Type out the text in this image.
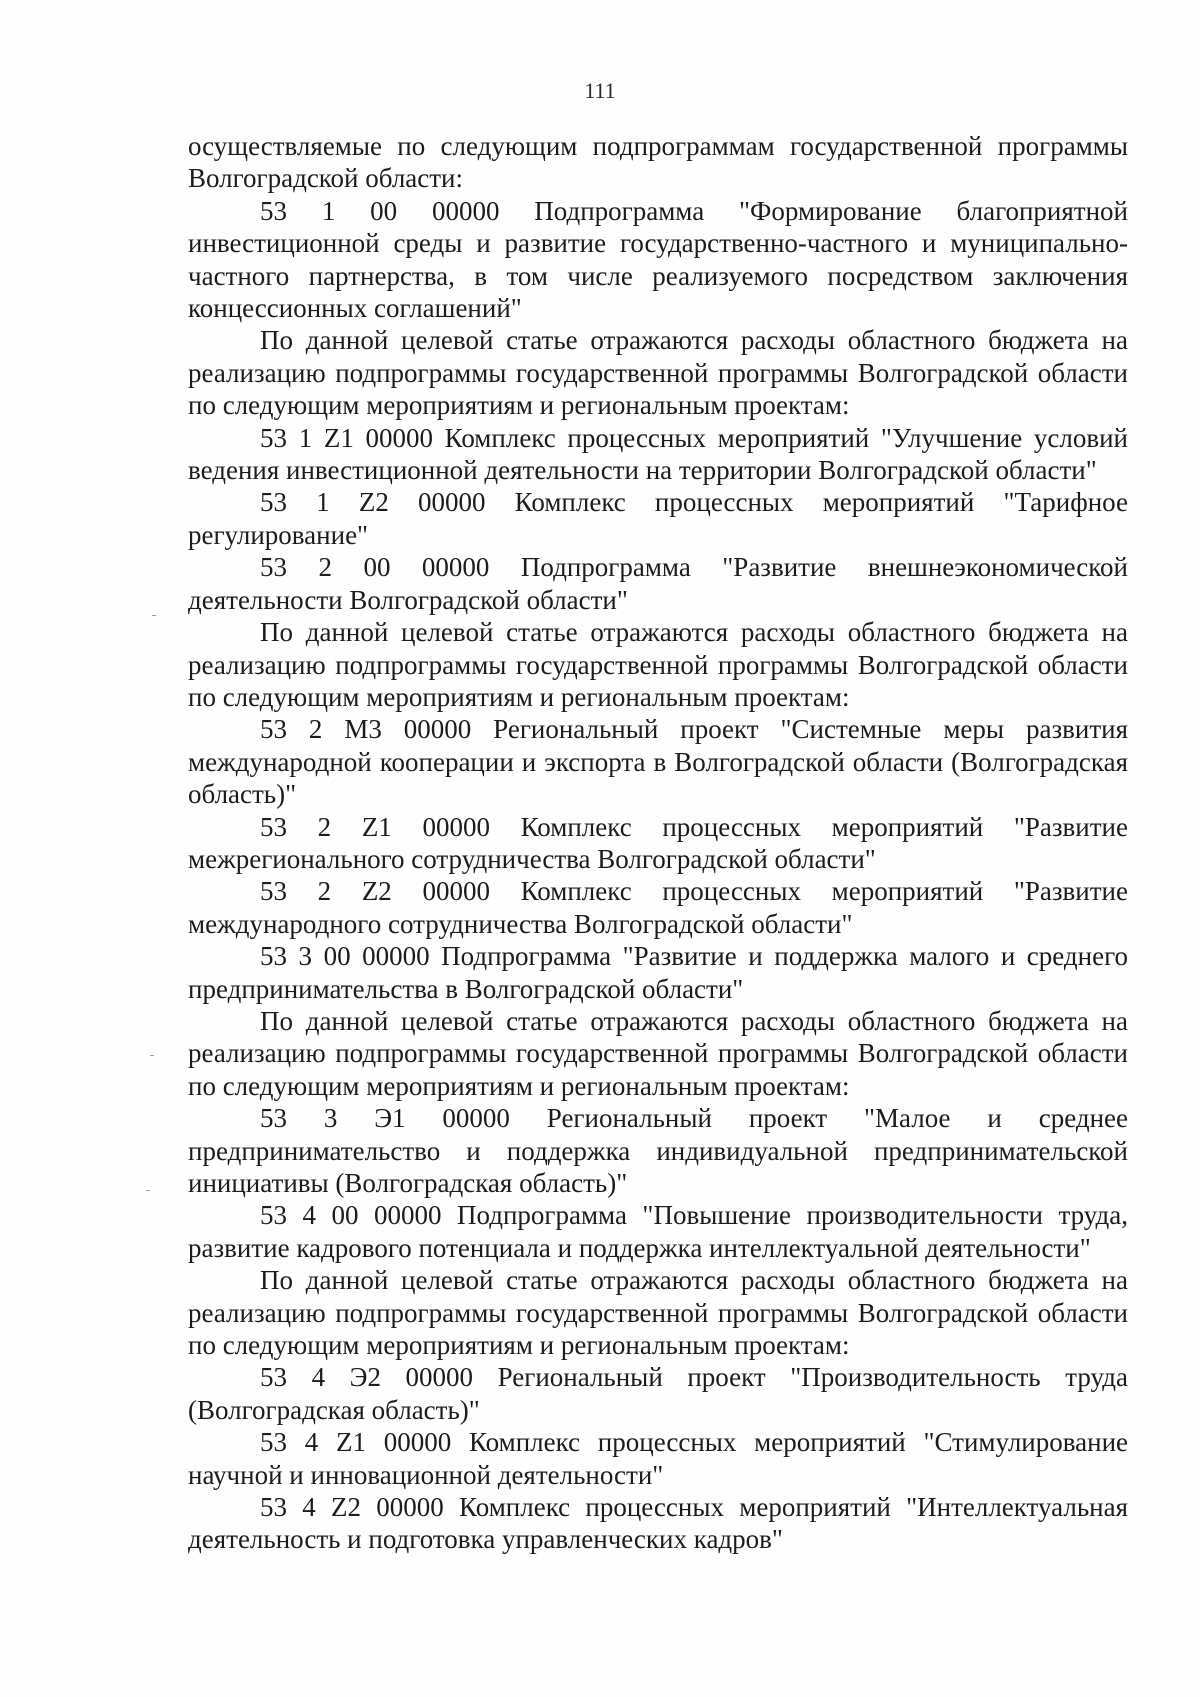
111

осуществляемые по следующим подпрограммам государственной программы Волгоградской области:

53 1 00 00000 Подпрограмма "Формирование благоприятной инвестиционной среды и развитие государственно-частного и муниципально-частного партнерства, в том числе реализуемого посредством заключения концессионных соглашений"

По данной целевой статье отражаются расходы областного бюджета на реализацию подпрограммы государственной программы Волгоградской области по следующим мероприятиям и региональным проектам:

53 1 Z1 00000 Комплекс процессных мероприятий "Улучшение условий ведения инвестиционной деятельности на территории Волгоградской области"

53 1 Z2 00000 Комплекс процессных мероприятий "Тарифное регулирование"

53 2 00 00000 Подпрограмма "Развитие внешнеэкономической деятельности Волгоградской области"

По данной целевой статье отражаются расходы областного бюджета на реализацию подпрограммы государственной программы Волгоградской области по следующим мероприятиям и региональным проектам:

53 2 М3 00000 Региональный проект "Системные меры развития международной кооперации и экспорта в Волгоградской области (Волгоградская область)"

53 2 Z1 00000 Комплекс процессных мероприятий "Развитие межрегионального сотрудничества Волгоградской области"

53 2 Z2 00000 Комплекс процессных мероприятий "Развитие международного сотрудничества Волгоградской области"

53 3 00 00000 Подпрограмма "Развитие и поддержка малого и среднего предпринимательства в Волгоградской области"

По данной целевой статье отражаются расходы областного бюджета на реализацию подпрограммы государственной программы Волгоградской области по следующим мероприятиям и региональным проектам:

53 3 Э1 00000 Региональный проект "Малое и среднее предпринимательство и поддержка индивидуальной предпринимательской инициативы (Волгоградская область)"

53 4 00 00000 Подпрограмма "Повышение производительности труда, развитие кадрового потенциала и поддержка интеллектуальной деятельности"

По данной целевой статье отражаются расходы областного бюджета на реализацию подпрограммы государственной программы Волгоградской области по следующим мероприятиям и региональным проектам:

53 4 Э2 00000 Региональный проект "Производительность труда (Волгоградская область)"

53 4 Z1 00000 Комплекс процессных мероприятий "Стимулирование научной и инновационной деятельности"

53 4 Z2 00000 Комплекс процессных мероприятий "Интеллектуальная деятельность и подготовка управленческих кадров"
